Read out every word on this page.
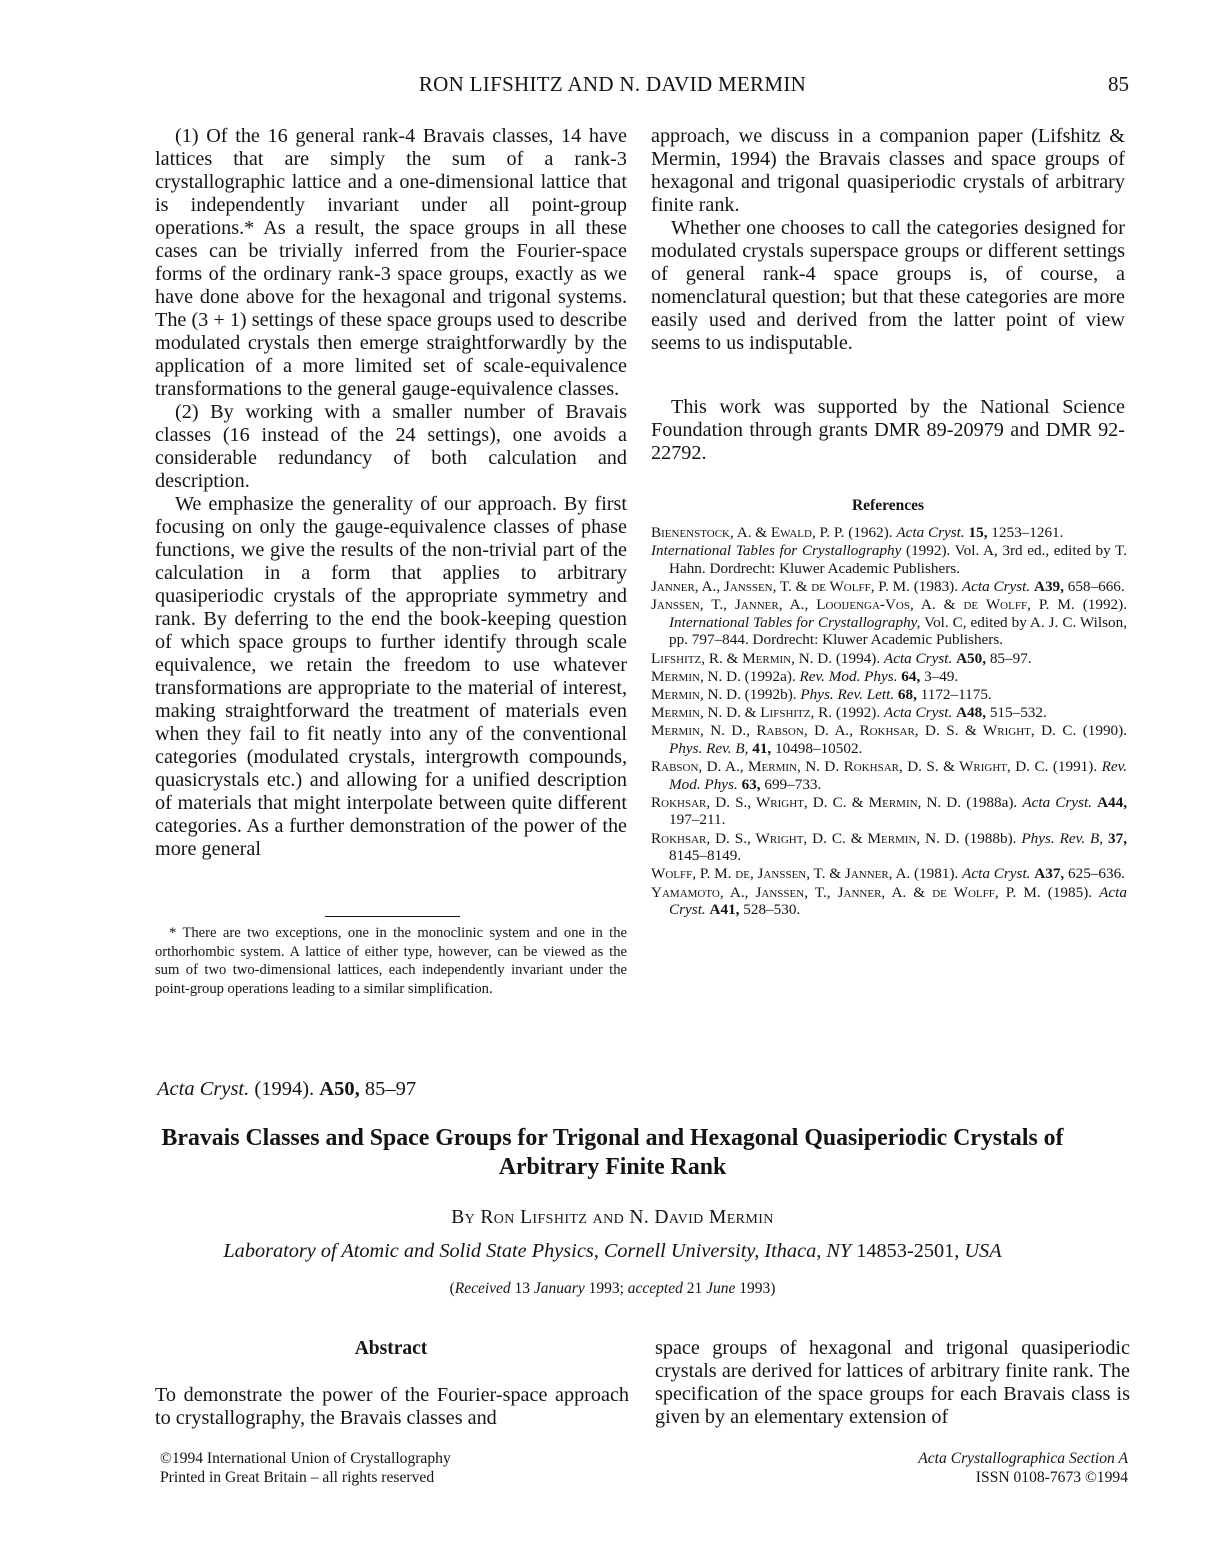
RON LIFSHITZ AND N. DAVID MERMIN	85

(1) Of the 16 general rank-4 Bravais classes, 14 have lattices that are simply the sum of a rank-3 crystallographic lattice and a one-dimensional lattice that is independently invariant under all point-group operations.* As a result, the space groups in all these cases can be trivially inferred from the Fourier-space forms of the ordinary rank-3 space groups, exactly as we have done above for the hexagonal and trigonal systems. The (3 + 1) settings of these space groups used to describe modulated crystals then emerge straightforwardly by the application of a more limited set of scale-equivalence transformations to the general gauge-equivalence classes.

(2) By working with a smaller number of Bravais classes (16 instead of the 24 settings), one avoids a considerable redundancy of both calculation and description.

We emphasize the generality of our approach. By first focusing on only the gauge-equivalence classes of phase functions, we give the results of the non-trivial part of the calculation in a form that applies to arbitrary quasiperiodic crystals of the appropriate symmetry and rank. By deferring to the end the book-keeping question of which space groups to further identify through scale equivalence, we retain the freedom to use whatever transformations are appropriate to the material of interest, making straightforward the treatment of materials even when they fail to fit neatly into any of the conventional categories (modulated crystals, intergrowth compounds, quasicrystals etc.) and allowing for a unified description of materials that might interpolate between quite different categories. As a further demonstration of the power of the more general

* There are two exceptions, one in the monoclinic system and one in the orthorhombic system. A lattice of either type, however, can be viewed as the sum of two two-dimensional lattices, each independently invariant under the point-group operations leading to a similar simplification.

approach, we discuss in a companion paper (Lifshitz & Mermin, 1994) the Bravais classes and space groups of hexagonal and trigonal quasiperiodic crystals of arbitrary finite rank.

Whether one chooses to call the categories designed for modulated crystals superspace groups or different settings of general rank-4 space groups is, of course, a nomenclatural question; but that these categories are more easily used and derived from the latter point of view seems to us indisputable.

This work was supported by the National Science Foundation through grants DMR 89-20979 and DMR 92-22792.

References

Bienenstock, A. & Ewald, P. P. (1962). Acta Cryst. 15, 1253–1261.

International Tables for Crystallography (1992). Vol. A, 3rd ed., edited by T. Hahn. Dordrecht: Kluwer Academic Publishers.

Janner, A., Janssen, T. & de Wolff, P. M. (1983). Acta Cryst. A39, 658–666.

Janssen, T., Janner, A., Looijenga-Vos, A. & de Wolff, P. M. (1992). International Tables for Crystallography, Vol. C, edited by A. J. C. Wilson, pp. 797–844. Dordrecht: Kluwer Academic Publishers.

Lifshitz, R. & Mermin, N. D. (1994). Acta Cryst. A50, 85–97.

Mermin, N. D. (1992a). Rev. Mod. Phys. 64, 3–49.

Mermin, N. D. (1992b). Phys. Rev. Lett. 68, 1172–1175.

Mermin, N. D. & Lifshitz, R. (1992). Acta Cryst. A48, 515–532.

Mermin, N. D., Rabson, D. A., Rokhsar, D. S. & Wright, D. C. (1990). Phys. Rev. B, 41, 10498–10502.

Rabson, D. A., Mermin, N. D. Rokhsar, D. S. & Wright, D. C. (1991). Rev. Mod. Phys. 63, 699–733.

Rokhsar, D. S., Wright, D. C. & Mermin, N. D. (1988a). Acta Cryst. A44, 197–211.

Rokhsar, D. S., Wright, D. C. & Mermin, N. D. (1988b). Phys. Rev. B, 37, 8145–8149.

Wolff, P. M. de, Janssen, T. & Janner, A. (1981). Acta Cryst. A37, 625–636.

Yamamoto, A., Janssen, T., Janner, A. & de Wolff, P. M. (1985). Acta Cryst. A41, 528–530.

Acta Cryst. (1994). A50, 85–97
Bravais Classes and Space Groups for Trigonal and Hexagonal Quasiperiodic Crystals of Arbitrary Finite Rank
By Ron Lifshitz and N. David Mermin
Laboratory of Atomic and Solid State Physics, Cornell University, Ithaca, NY 14853-2501, USA
(Received 13 January 1993; accepted 21 June 1993)
Abstract

To demonstrate the power of the Fourier-space approach to crystallography, the Bravais classes and

space groups of hexagonal and trigonal quasiperiodic crystals are derived for lattices of arbitrary finite rank. The specification of the space groups for each Bravais class is given by an elementary extension of

©1994 International Union of Crystallography
Printed in Great Britain – all rights reserved
Acta Crystallographica Section A
ISSN 0108-7673 ©1994
